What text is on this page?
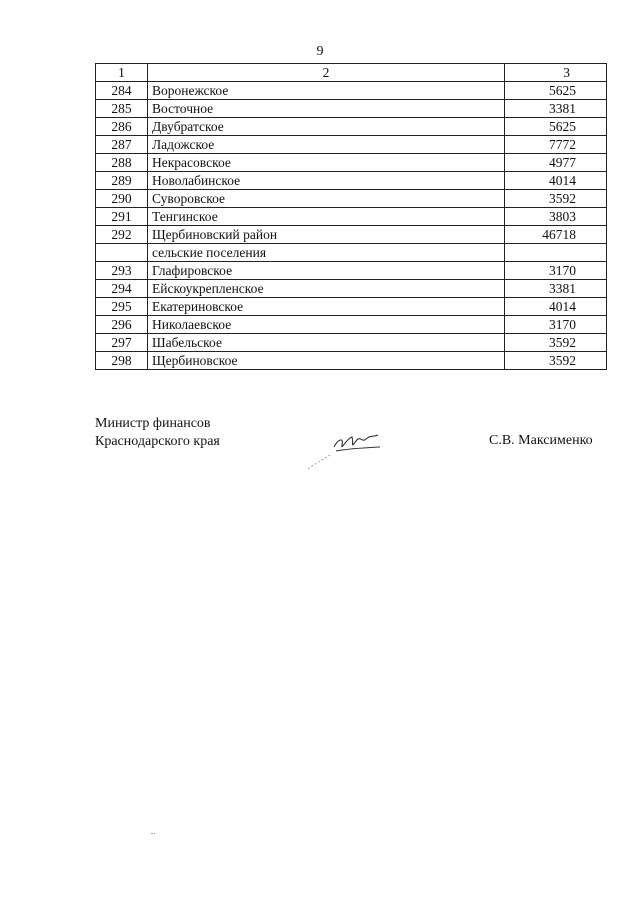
9
1	2	3
284	Воронежское	5625
285	Восточное	3381
286	Двубратское	5625
287	Ладожское	7772
288	Некрасовское	4977
289	Новолабинское	4014
290	Суворовское	3592
291	Тенгинское	3803
292	Щербиновский район	46718
	сельские поселения	
293	Глафировское	3170
294	Ейскоукрепленское	3381
295	Екатериновское	4014
296	Николаевское	3170
297	Шабельское	3592
298	Щербиновское	3592
Министр финансов
Краснодарского края	С.В. Максименко
